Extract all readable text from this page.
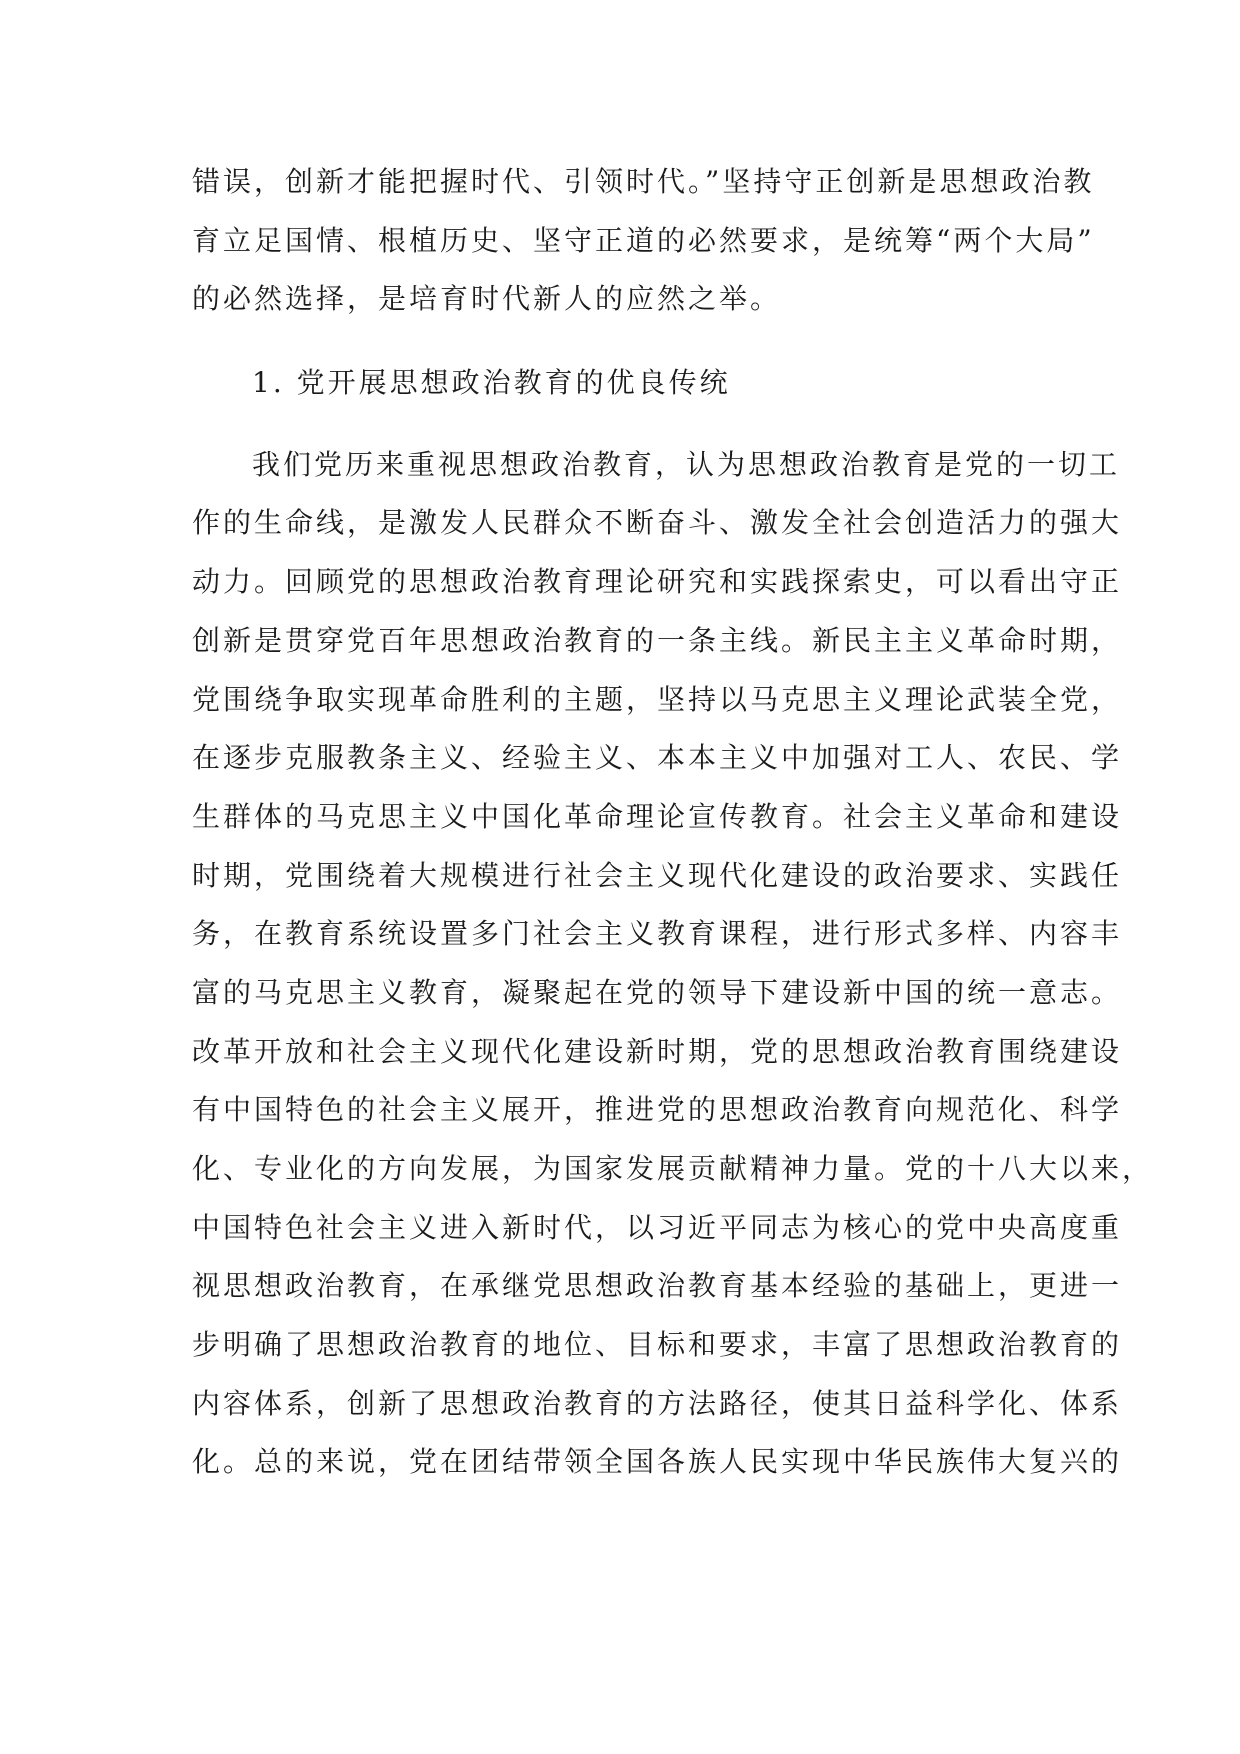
错误，创新才能把握时代、引领时代。”坚持守正创新是思想政治教
育立足国情、根植历史、坚守正道的必然要求，是统筹“两个大局”
的必然选择，是培育时代新人的应然之举。
1. 党开展思想政治教育的优良传统
我们党历来重视思想政治教育，认为思想政治教育是党的一切工
作的生命线，是激发人民群众不断奋斗、激发全社会创造活力的强大
动力。回顾党的思想政治教育理论研究和实践探索史，可以看出守正
创新是贯穿党百年思想政治教育的一条主线。新民主主义革命时期，
党围绕争取实现革命胜利的主题，坚持以马克思主义理论武装全党，
在逐步克服教条主义、经验主义、本本主义中加强对工人、农民、学
生群体的马克思主义中国化革命理论宣传教育。社会主义革命和建设
时期，党围绕着大规模进行社会主义现代化建设的政治要求、实践任
务，在教育系统设置多门社会主义教育课程，进行形式多样、内容丰
富的马克思主义教育，凝聚起在党的领导下建设新中国的统一意志。
改革开放和社会主义现代化建设新时期，党的思想政治教育围绕建设
有中国特色的社会主义展开，推进党的思想政治教育向规范化、科学
化、专业化的方向发展，为国家发展贡献精神力量。党的十八大以来，
中国特色社会主义进入新时代，以习近平同志为核心的党中央高度重
视思想政治教育，在承继党思想政治教育基本经验的基础上，更进一
步明确了思想政治教育的地位、目标和要求，丰富了思想政治教育的
内容体系，创新了思想政治教育的方法路径，使其日益科学化、体系
化。总的来说，党在团结带领全国各族人民实现中华民族伟大复兴的
